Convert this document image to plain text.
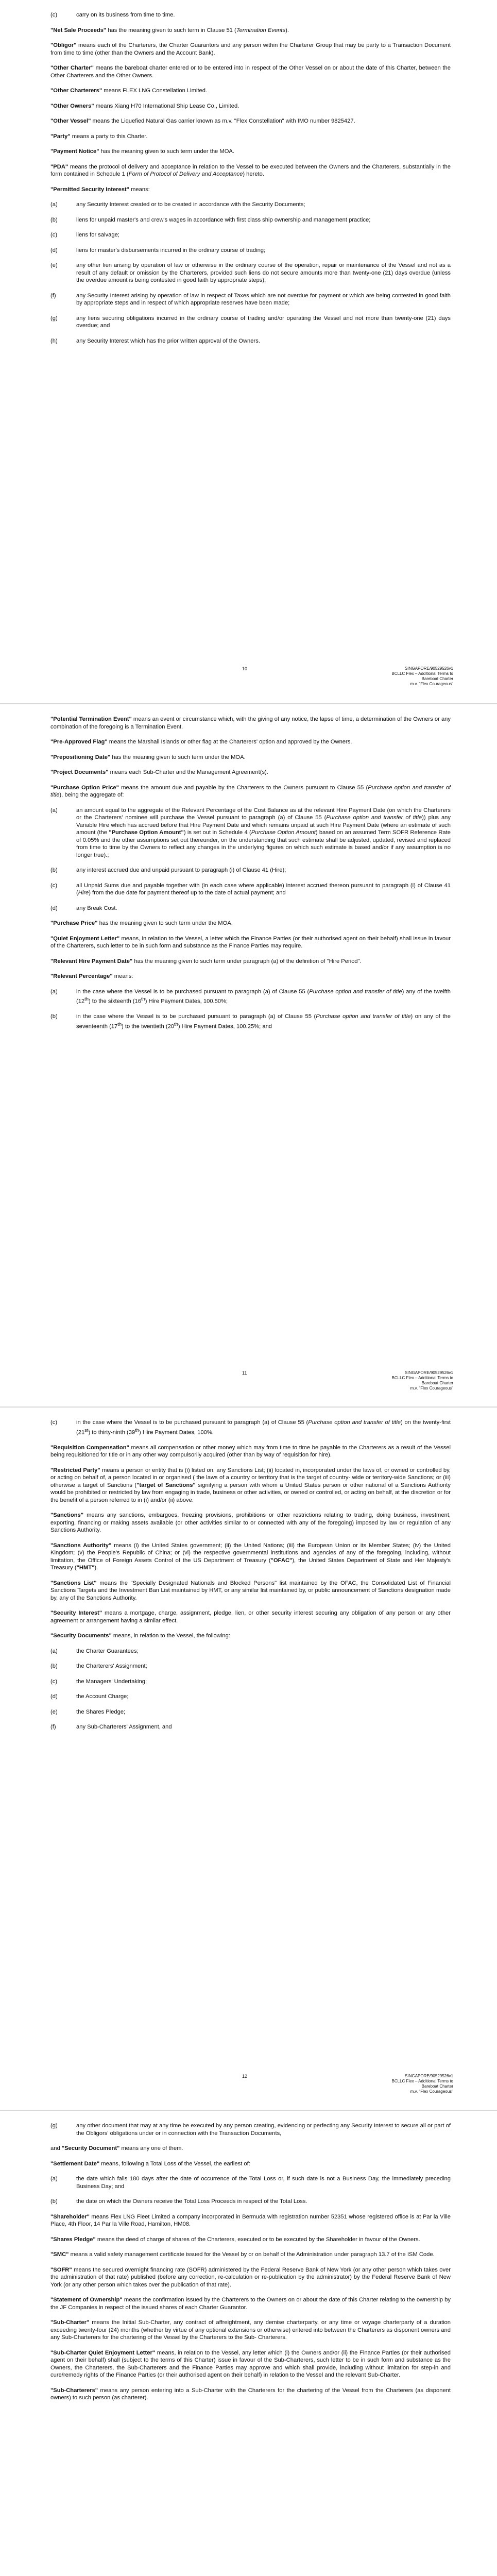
(c)	carry on its business from time to time.
"Net Sale Proceeds" has the meaning given to such term in Clause 51 (Termination Events).
"Obligor" means each of the Charterers, the Charter Guarantors and any person within the Charterer Group that may be party to a Transaction Document from time to time (other than the Owners and the Account Bank).
"Other Charter" means the bareboat charter entered or to be entered into in respect of the Other Vessel on or about the date of this Charter, between the Other Charterers and the Other Owners.
"Other Charterers" means FLEX LNG Constellation Limited.
"Other Owners" means Xiang H70 International Ship Lease Co., Limited.
"Other Vessel" means the Liquefied Natural Gas carrier known as m.v. "Flex Constellation" with IMO number 9825427.
"Party" means a party to this Charter.
"Payment Notice" has the meaning given to such term under the MOA.
"PDA" means the protocol of delivery and acceptance in relation to the Vessel to be executed between the Owners and the Charterers, substantially in the form contained in Schedule 1 (Form of Protocol of Delivery and Acceptance) hereto.
"Permitted Security Interest" means:
(a)	any Security Interest created or to be created in accordance with the Security Documents;
(b)	liens for unpaid master's and crew's wages in accordance with first class ship ownership and management practice;
(c)	liens for salvage;
(d)	liens for master's disbursements incurred in the ordinary course of trading;
(e)	any other lien arising by operation of law or otherwise in the ordinary course of the operation, repair or maintenance of the Vessel and not as a result of any default or omission by the Charterers, provided such liens do not secure amounts more than twenty-one (21) days overdue (unless the overdue amount is being contested in good faith by appropriate steps);
(f)	any Security Interest arising by operation of law in respect of Taxes which are not overdue for payment or which are being contested in good faith by appropriate steps and in respect of which appropriate reserves have been made;
(g)	any liens securing obligations incurred in the ordinary course of trading and/or operating the Vessel and not more than twenty-one (21) days overdue; and
(h)	any Security Interest which has the prior written approval of the Owners.
10	SINGAPORE/90529526v1
BCLLC Flex – Additional Terms to Bareboat Charter
m.v. "Flex Courageous"
"Potential Termination Event" means an event or circumstance which, with the giving of any notice, the lapse of time, a determination of the Owners or any combination of the foregoing is a Termination Event.
"Pre-Approved Flag" means the Marshall Islands or other flag at the Charterers' option and approved by the Owners.
"Prepositioning Date" has the meaning given to such term under the MOA.
"Project Documents" means each Sub-Charter and the Management Agreement(s).
"Purchase Option Price" means the amount due and payable by the Charterers to the Owners pursuant to Clause 55 (Purchase option and transfer of title), being the aggregate of:
(a)	an amount equal to the aggregate of the Relevant Percentage of the Cost Balance as at the relevant Hire Payment Date (on which the Charterers or the Charterers' nominee will purchase the Vessel pursuant to paragraph (a) of Clause 55 (Purchase option and transfer of title)) plus any Variable Hire which has accrued before that Hire Payment Date and which remains unpaid at such Hire Payment Date (where an estimate of such amount (the "Purchase Option Amount") is set out in Schedule 4 (Purchase Option Amount) based on an assumed Term SOFR Reference Rate of 0.05% and the other assumptions set out thereunder, on the understanding that such estimate shall be adjusted, updated, revised and replaced from time to time by the Owners to reflect any changes in the underlying figures on which such estimate is based and/or if any assumption is no longer true).;
(b)	any interest accrued due and unpaid pursuant to paragraph (i) of Clause 41 (Hire);
(c)	all Unpaid Sums due and payable together with (in each case where applicable) interest accrued thereon pursuant to paragraph (i) of Clause 41 (Hire) from the due date for payment thereof up to the date of actual payment; and
(d)	any Break Cost.
"Purchase Price" has the meaning given to such term under the MOA.
"Quiet Enjoyment Letter" means, in relation to the Vessel, a letter which the Finance Parties (or their authorised agent on their behalf) shall issue in favour of the Charterers, such letter to be in such form and substance as the Finance Parties may require.
"Relevant Hire Payment Date" has the meaning given to such term under paragraph (a) of the definition of "Hire Period".
"Relevant Percentage" means:
(a)	in the case where the Vessel is to be purchased pursuant to paragraph (a) of Clause 55 (Purchase option and transfer of title) any of the twelfth (12th) to the sixteenth (16th) Hire Payment Dates, 100.50%;
(b)	in the case where the Vessel is to be purchased pursuant to paragraph (a) of Clause 55 (Purchase option and transfer of title) on any of the seventeenth (17th) to the twentieth (20th) Hire Payment Dates, 100.25%; and
11	SINGAPORE/90529526v1
BCLLC Flex – Additional Terms to Bareboat Charter
m.v. "Flex Courageous"
(c)	in the case where the Vessel is to be purchased pursuant to paragraph (a) of Clause 55 (Purchase option and transfer of title) on the twenty-first (21st) to thirty-ninth (39th) Hire Payment Dates, 100%.
"Requisition Compensation" means all compensation or other money which may from time to time be payable to the Charterers as a result of the Vessel being requisitioned for title or in any other way compulsorily acquired (other than by way of requisition for hire).
"Restricted Party" means a person or entity that is (i) listed on, any Sanctions List; (ii) located in, incorporated under the laws of, or owned or controlled by, or acting on behalf of, a person located in or organised ( the laws of a country or territory that is the target of country- wide or territory-wide Sanctions; or (iii) otherwise a target of Sanctions ("target of Sanctions" signifying a person with whom a United States person or other national of a Sanctions Authority would be prohibited or restricted by law from engaging in trade, business or other activities, or owned or controlled, or acting on behalf, at the discretion or for the benefit of a person referred to in (i) and/or (ii) above.
"Sanctions" means any sanctions, embargoes, freezing provisions, prohibitions or other restrictions relating to trading, doing business, investment, exporting, financing or making assets available (or other activities similar to or connected with any of the foregoing) imposed by law or regulation of any Sanctions Authority.
"Sanctions Authority" means (i) the United States government; (ii) the United Nations; (iii) the European Union or its Member States; (iv) the United Kingdom; (v) the People's Republic of China; or (vi) the respective governmental institutions and agencies of any of the foregoing, including, without limitation, the Office of Foreign Assets Control of the US Department of Treasury ("OFAC"), the United States Department of State and Her Majesty's Treasury ("HMT").
"Sanctions List" means the "Specially Designated Nationals and Blocked Persons" list maintained by the OFAC, the Consolidated List of Financial Sanctions Targets and the Investment Ban List maintained by HMT, or any similar list maintained by, or public announcement of Sanctions designation made by, any of the Sanctions Authority.
"Security Interest" means a mortgage, charge, assignment, pledge, lien, or other security interest securing any obligation of any person or any other agreement or arrangement having a similar effect.
"Security Documents" means, in relation to the Vessel, the following:
(a)	the Charter Guarantees;
(b)	the Charterers' Assignment;
(c)	the Managers' Undertaking;
(d)	the Account Charge;
(e)	the Shares Pledge;
(f)	any Sub-Charterers' Assignment, and
12	SINGAPORE/90529526v1
BCLLC Flex – Additional Terms to Bareboat Charter
m.v. "Flex Courageous"
(g)	any other document that may at any time be executed by any person creating, evidencing or perfecting any Security Interest to secure all or part of the Obligors' obligations under or in connection with the Transaction Documents,
and "Security Document" means any one of them.
"Settlement Date" means, following a Total Loss of the Vessel, the earliest of:
(a)	the date which falls 180 days after the date of occurrence of the Total Loss or, if such date is not a Business Day, the immediately preceding Business Day; and
(b)	the date on which the Owners receive the Total Loss Proceeds in respect of the Total Loss.
"Shareholder" means Flex LNG Fleet Limited a company incorporated in Bermuda with registration number 52351 whose registered office is at Par la Ville Place, 4th Floor, 14 Par la Ville Road, Hamilton, HM08.
"Shares Pledge" means the deed of charge of shares of the Charterers, executed or to be executed by the Shareholder in favour of the Owners.
"SMC" means a valid safety management certificate issued for the Vessel by or on behalf of the Administration under paragraph 13.7 of the ISM Code.
"SOFR" means the secured overnight financing rate (SOFR) administered by the Federal Reserve Bank of New York (or any other person which takes over the administration of that rate) published (before any correction, re-calculation or re-publication by the administrator) by the Federal Reserve Bank of New York (or any other person which takes over the publication of that rate).
"Statement of Ownership" means the confirmation issued by the Charterers to the Owners on or about the date of this Charter relating to the ownership by the JF Companies in respect of the issued shares of each Charter Guarantor.
"Sub-Charter" means the Initial Sub-Charter, any contract of affreightment, any demise charterparty, or any time or voyage charterparty of a duration exceeding twenty-four (24) months (whether by virtue of any optional extensions or otherwise) entered into between the Charterers as disponent owners and any Sub-Charterers for the chartering of the Vessel by the Charterers to the Sub- Charterers.
"Sub-Charter Quiet Enjoyment Letter" means, in relation to the Vessel, any letter which (i) the Owners and/or (ii) the Finance Parties (or their authorised agent on their behalf) shall (subject to the terms of this Charter) issue in favour of the Sub-Charterers, such letter to be in such form and substance as the Owners, the Charterers, the Sub-Charterers and the Finance Parties may approve and which shall provide, including without limitation for step-in and cure/remedy rights of the Finance Parties (or their authorised agent on their behalf) in relation to the Vessel and the relevant Sub-Charter.
"Sub-Charterers" means any person entering into a Sub-Charter with the Charterers for the chartering of the Vessel from the Charterers (as disponent owners) to such person (as charterer).
